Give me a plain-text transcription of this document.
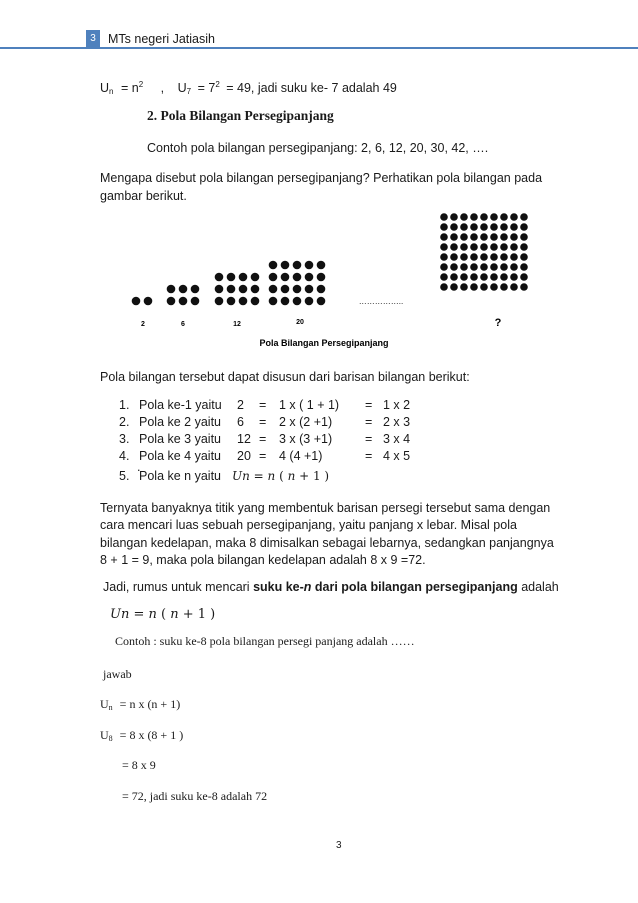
3 MTs negeri Jatiasih
$Un = n^2$ , $U7 = 7^2 = 49$, jadi suku ke- 7 adalah 49
2. Pola Bilangan Persegipanjang
Contoh pola bilangan persegipanjang: 2, 6, 12, 20, 30, 42, ….
Mengapa disebut pola bilangan persegipanjang? Perhatikan pola bilangan pada
gambar berikut.
2	6	12	20
……………..
?
Pola Bilangan Persegipanjang
Pola bilangan tersebut dapat disusun dari barisan bilangan berikut:
1. Pola ke-1 yaitu 2 = 1 x ( 1 + 1) = 1 x 2
2. Pola ke 2 yaitu 6 = 2 x (2 +1)	= 2 x 3
3. Pola ke 3 yaitu 12 = 3 x (3 +1)	= 3 x 4
4. Pola ke 4 yaitu 20 = 4 (4 +1)	= 4 x 5
.
5. Pola ke n yaitu 𝑈𝑛 = 𝑛 ( 𝑛 + 1 )
Ternyata banyaknya titik yang membentuk barisan persegi tersebut sama dengan
cara mencari luas sebuah persegipanjang, yaitu panjang x lebar. Misal pola
bilangan kedelapan, maka 8 dimisalkan sebagai lebarnya, sedangkan panjangnya
8 + 1 = 9, maka pola bilangan kedelapan adalah 8 x 9 =72.
Jadi, rumus untuk mencari suku ke-n dari pola bilangan persegipanjang adalah
𝑈𝑛 = 𝑛 ( 𝑛 + 1 )
Contoh : suku ke-8 pola bilangan persegi panjang adalah ……
jawab
Un = n x (n + 1)
U8 = 8 x (8 + 1 )
= 8 x 9
= 72, jadi suku ke-8 adalah 72
3
